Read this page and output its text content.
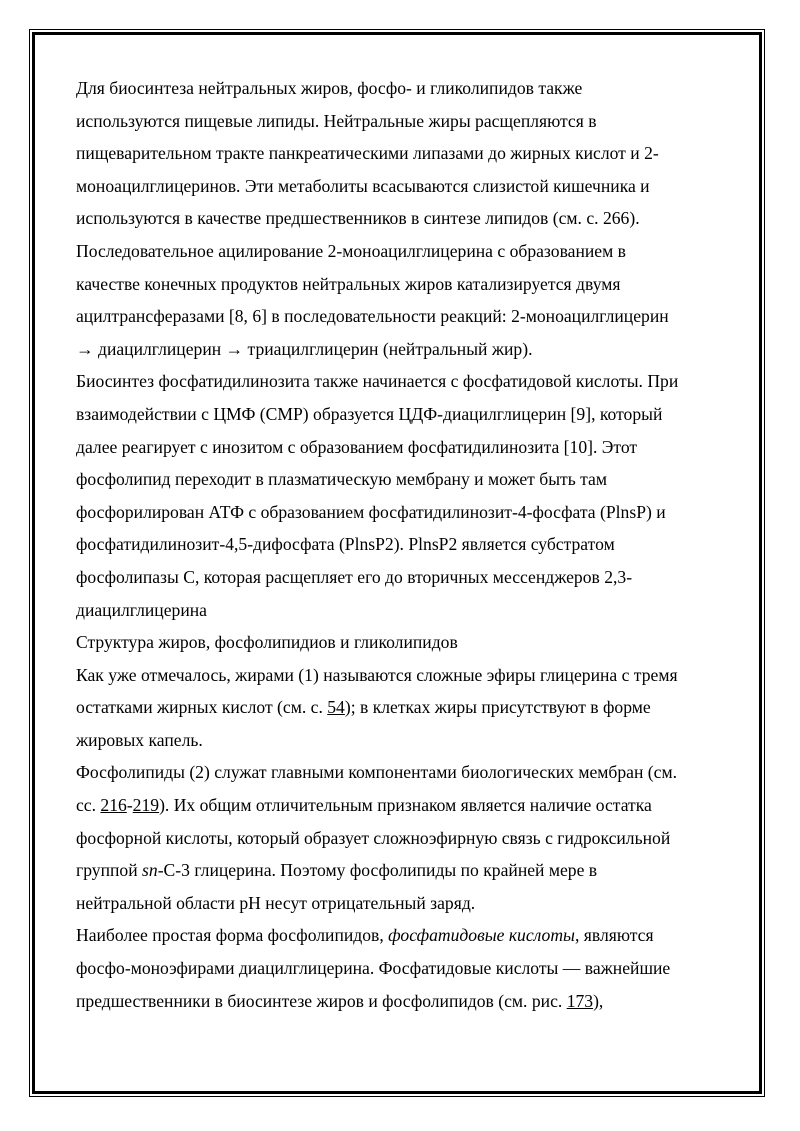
Для биосинтеза нейтральных жиров, фосфо- и гликолипидов также
используются пищевые липиды. Нейтральные жиры расщепляются в
пищеварительном тракте панкреатическими липазами до жирных кислот и 2-
моноацилглицеринов. Эти метаболиты всасываются слизистой кишечника и
используются в качестве предшественников в синтезе липидов (см. с. 266).

Последовательное ацилирование 2-моноацилглицерина с образованием в
качестве конечных продуктов нейтральных жиров катализируется двумя
ацилтрансферазами [8, 6] в последовательности реакций: 2-моноацилглицерин
→ диацилглицерин → триацилглицерин (нейтральный жир).

Биосинтез фосфатидилинозита также начинается с фосфатидовой кислоты. При
взаимодействии с ЦМФ (CMP) образуется ЦДФ-диацилглицерин [9], который
далее реагирует с инозитом с образованием фосфатидилинозита [10]. Этот
фосфолипид переходит в плазматическую мембрану и может быть там
фосфорилирован АТФ с образованием фосфатидилинозит-4-фосфата (PlnsP) и
фосфатидилинозит-4,5-дифосфата (PlnsP2). PlnsP2 является субстратом
фосфолипазы С, которая расщепляет его до вторичных мессенджеров 2,3-
диацилглицерина

Структура жиров, фосфолипидиов и гликолипидов

Как уже отмечалось, жирами (1) называются сложные эфиры глицерина с тремя
остатками жирных кислот (см. с. 54); в клетках жиры присутствуют в форме
жировых капель.

Фосфолипиды (2) служат главными компонентами биологических мембран (см.
сс. 216-219). Их общим отличительным признаком является наличие остатка
фосфорной кислоты, который образует сложноэфирную связь с гидроксильной
группой sn-С-3 глицерина. Поэтому фосфолипиды по крайней мере в
нейтральной области рН несут отрицательный заряд.

Наиболее простая форма фосфолипидов, фосфатидовые кислоты, являются
фосфо-моноэфирами диацилглицерина. Фосфатидовые кислоты — важнейшие
предшественники в биосинтезе жиров и фосфолипидов (см. рис. 173),
